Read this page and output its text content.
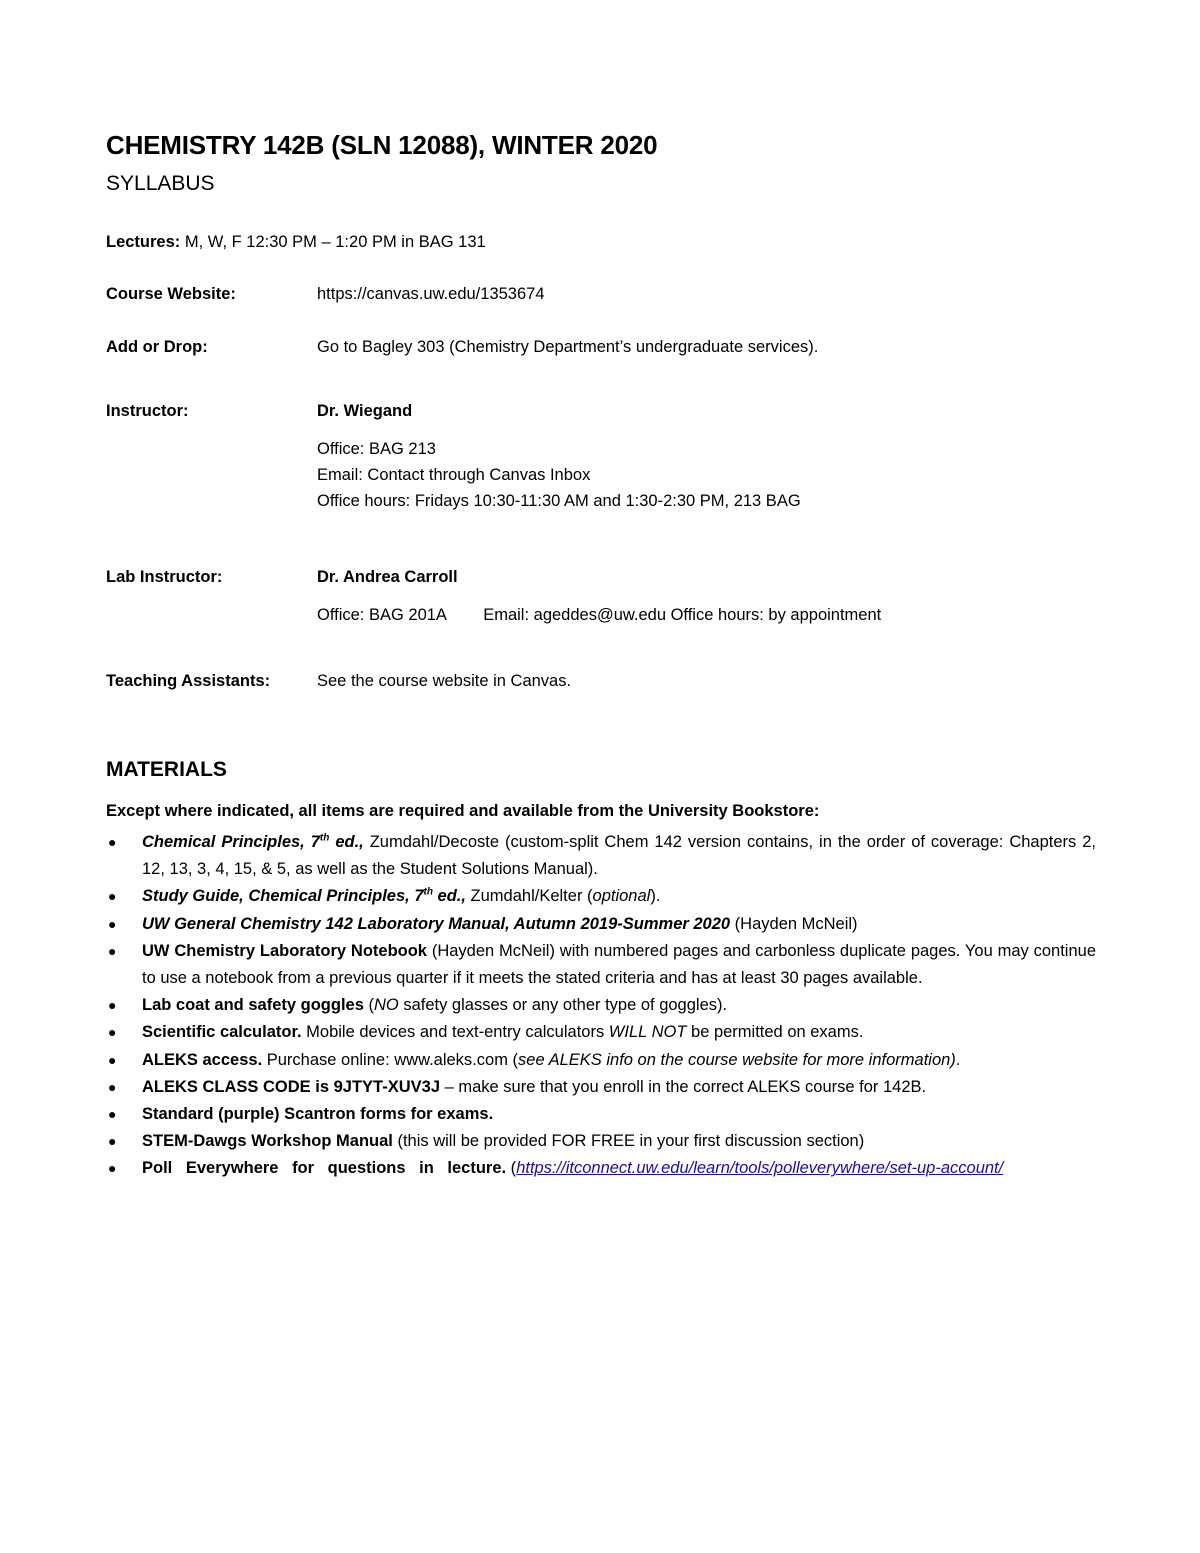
CHEMISTRY 142B (SLN 12088), WINTER 2020
SYLLABUS
Lectures: M, W, F 12:30 PM – 1:20 PM in BAG 131
Course Website:	https://canvas.uw.edu/1353674
Add or Drop:	Go to Bagley 303 (Chemistry Department’s undergraduate services).
Instructor:	Dr. Wiegand
Office: BAG 213
Email: Contact through Canvas Inbox
Office hours: Fridays 10:30-11:30 AM and 1:30-2:30 PM, 213 BAG
Lab Instructor:	Dr. Andrea Carroll
Office: BAG 201A Email: ageddes@uw.edu Office hours: by appointment
Teaching Assistants:	See the course website in Canvas.
MATERIALS
Except where indicated, all items are required and available from the University Bookstore:
● Chemical Principles, 7th ed., Zumdahl/Decoste (custom-split Chem 142 version contains, in the order of coverage: Chapters 2, 12, 13, 3, 4, 15, & 5, as well as the Student Solutions Manual).
● Study Guide, Chemical Principles, 7th ed., Zumdahl/Kelter (optional).
● UW General Chemistry 142 Laboratory Manual, Autumn 2019-Summer 2020 (Hayden McNeil)
● UW Chemistry Laboratory Notebook (Hayden McNeil) with numbered pages and carbonless duplicate pages. You may continue to use a notebook from a previous quarter if it meets the stated criteria and has at least 30 pages available.
● Lab coat and safety goggles (NO safety glasses or any other type of goggles).
● Scientific calculator. Mobile devices and text-entry calculators WILL NOT be permitted on exams.
● ALEKS access. Purchase online: www.aleks.com (see ALEKS info on the course website for more information).
● ALEKS CLASS CODE is 9JTYT-XUV3J – make sure that you enroll in the correct ALEKS course for 142B.
● Standard (purple) Scantron forms for exams.
● STEM-Dawgs Workshop Manual (this will be provided FOR FREE in your first discussion section)
● Poll Everywhere for questions in lecture. (https://itconnect.uw.edu/learn/tools/polleverywhere/set-up-account/
